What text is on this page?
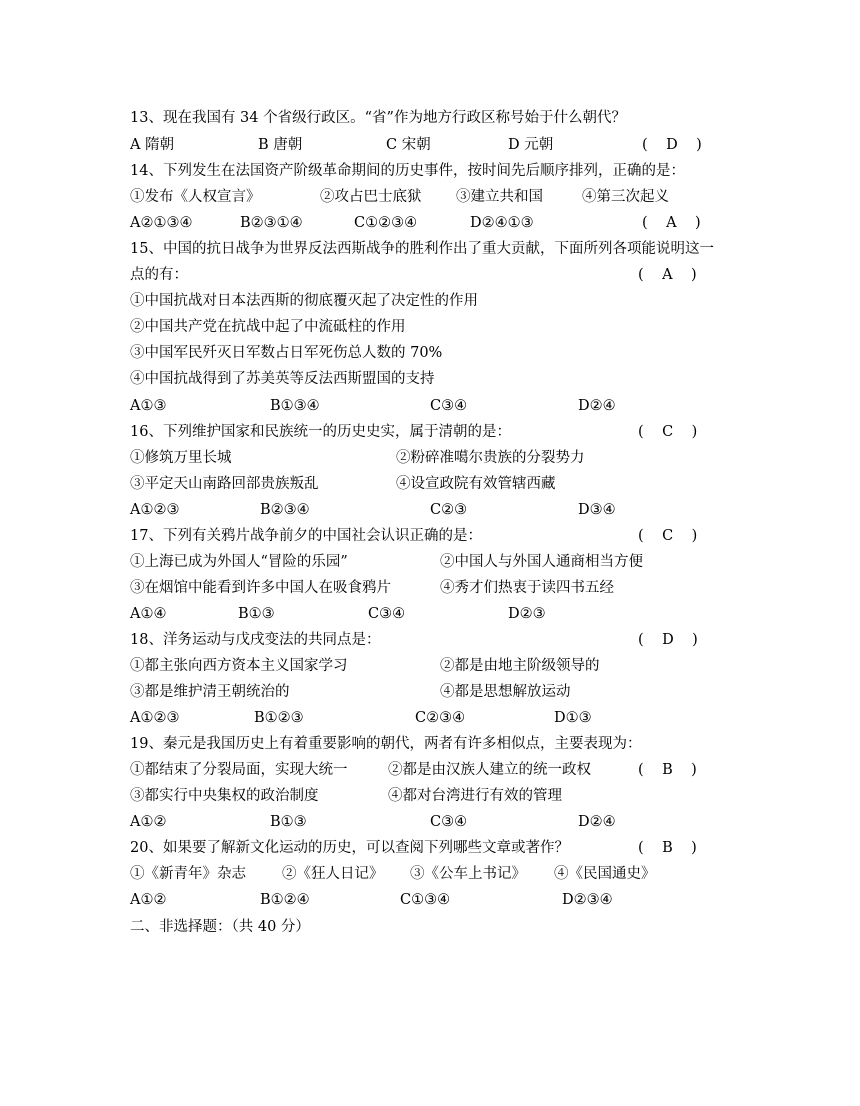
13、现在我国有 34 个省级行政区。“省”作为地方行政区称号始于什么朝代？
A 隋朝	B 唐朝	C 宋朝	D 元朝	(    D    )
14、下列发生在法国资产阶级革命期间的历史事件，按时间先后顺序排列，正确的是：
①发布《人权宣言》	②攻占巴士底狱 ③建立共和国	④第三次起义
A②①③④	B②③①④	C①②③④	D②④①③	(    A    )
15、中国的抗日战争为世界反法西斯战争的胜利作出了重大贡献，下面所列各项能说明这一
点的有：	(    A    )
①中国抗战对日本法西斯的彻底覆灭起了决定性的作用
②中国共产党在抗战中起了中流砥柱的作用
③中国军民歼灭日军数占日军死伤总人数的 70%
④中国抗战得到了苏美英等反法西斯盟国的支持
A①③	B①③④	C③④	D②④
16、下列维护国家和民族统一的历史史实，属于清朝的是：	(    C    )
①修筑万里长城	②粉碎准噶尔贵族的分裂势力
③平定天山南路回部贵族叛乱	④设宣政院有效管辖西藏
A①②③	B②③④	C②③	D③④
17、下列有关鸦片战争前夕的中国社会认识正确的是：	(    C    )
①上海已成为外国人“冒险的乐园”	②中国人与外国人通商相当方便
③在烟馆中能看到许多中国人在吸食鸦片	④秀才们热衷于读四书五经
A①④	B①③	C③④	D②③
18、洋务运动与戊戌变法的共同点是：	(    D    )
①都主张向西方资本主义国家学习	②都是由地主阶级领导的
③都是维护清王朝统治的	④都是思想解放运动
A①②③	B①②③	C②③④	D①③
19、秦元是我国历史上有着重要影响的朝代，两者有许多相似点，主要表现为：
①都结束了分裂局面，实现大统一	②都是由汉族人建立的统一政权	(    B    )
③都实行中央集权的政治制度	④都对台湾进行有效的管理
A①②	B①③	C③④	D②④
20、如果要了解新文化运动的历史，可以查阅下列哪些文章或著作？	(    B    )
①《新青年》杂志 ②《狂人日记》 ③《公车上书记》 ④《民国通史》
A①②	B①②④	C①③④	D②③④
二、非选择题：（共 40 分）
